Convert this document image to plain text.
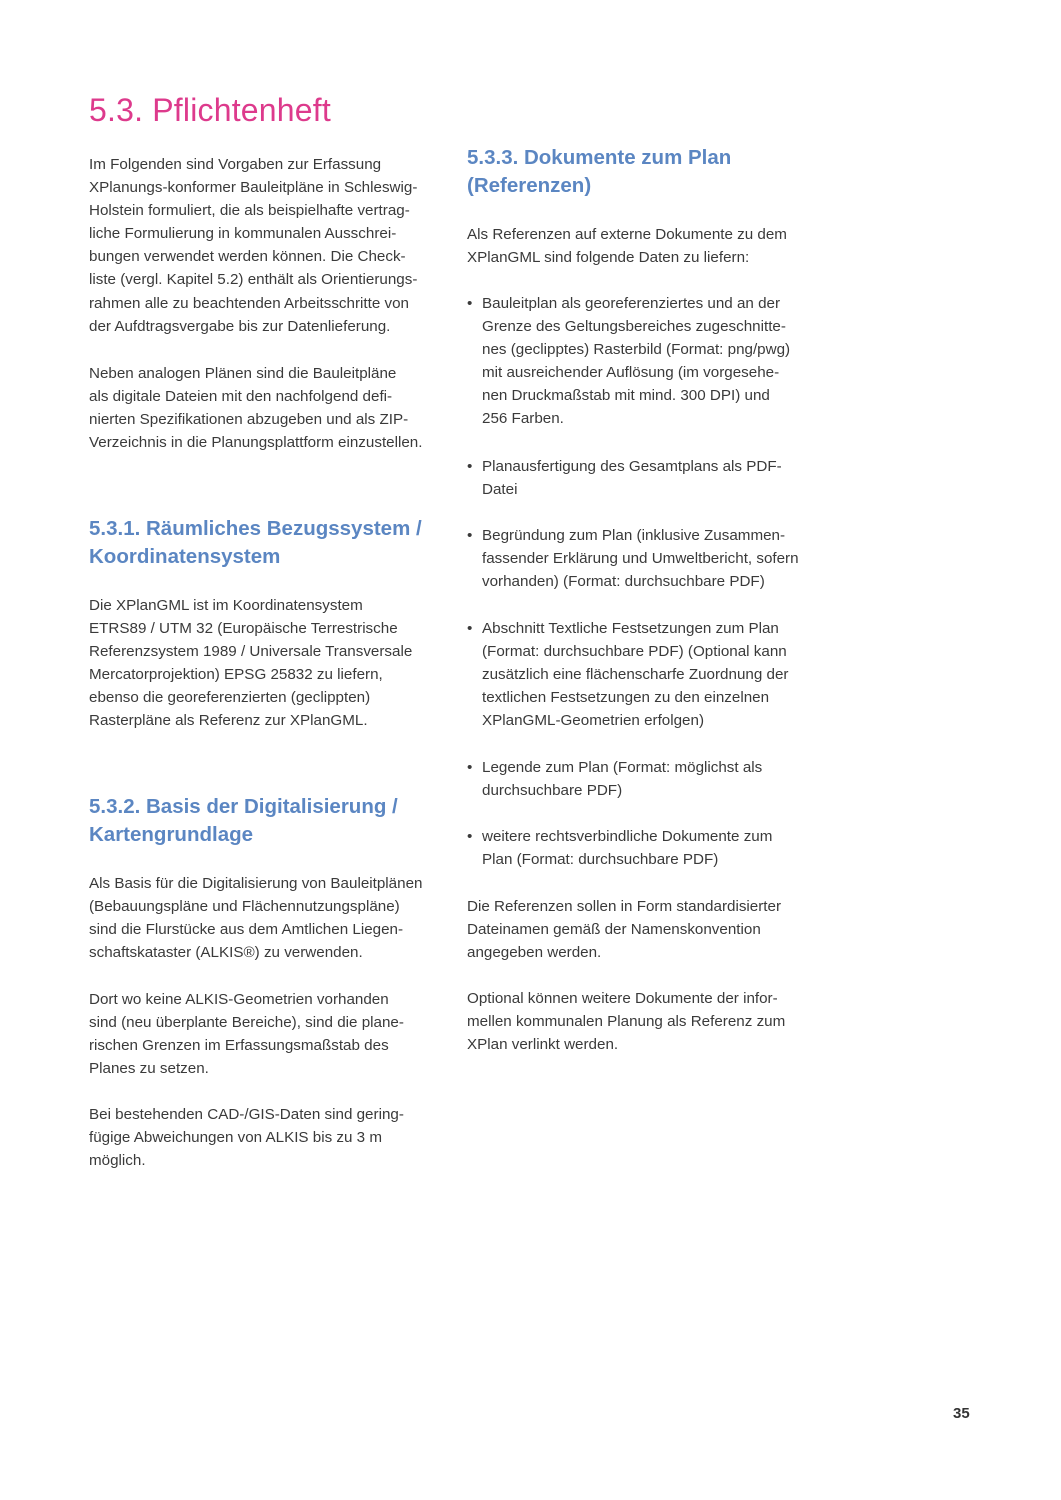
5.3. Pflichtenheft

Im Folgenden sind Vorgaben zur Erfassung
XPlanungs-konformer Bauleitpläne in Schleswig-
Holstein formuliert, die als beispielhafte vertrag-
liche Formulierung in kommunalen Ausschrei-
bungen verwendet werden können. Die Check-
liste (vergl. Kapitel 5.2) enthält als Orientierungs-
rahmen alle zu beachtenden Arbeitsschritte von
der Aufdtragsvergabe bis zur Datenlieferung.

Neben analogen Plänen sind die Bauleitpläne
als digitale Dateien mit den nachfolgend defi-
nierten Spezifikationen abzugeben und als ZIP-
Verzeichnis in die Planungsplattform einzustellen.

5.3.1. Räumliches Bezugssystem /
Koordinatensystem

Die XPlanGML ist im Koordinatensystem
ETRS89 / UTM 32 (Europäische Terrestrische
Referenzsystem 1989 / Universale Transversale
Mercatorprojektion) EPSG 25832 zu liefern,
ebenso die georeferenzierten (geclippten)
Rasterpläne als Referenz zur XPlanGML.

5.3.2. Basis der Digitalisierung /
Kartengrundlage

Als Basis für die Digitalisierung von Bauleitplänen
(Bebauungspläne und Flächennutzungspläne)
sind die Flurstücke aus dem Amtlichen Liegen-
schaftskataster (ALKIS®) zu verwenden.

Dort wo keine ALKIS-Geometrien vorhanden
sind (neu überplante Bereiche), sind die plane-
rischen Grenzen im Erfassungsmaßstab des
Planes zu setzen.

Bei bestehenden CAD-/GIS-Daten sind gering-
fügige Abweichungen von ALKIS bis zu 3 m
möglich.

5.3.3. Dokumente zum Plan
(Referenzen)

Als Referenzen auf externe Dokumente zu dem
XPlanGML sind folgende Daten zu liefern:

• Bauleitplan als georeferenziertes und an der
Grenze des Geltungsbereiches zugeschnitte-
nes (geclipptes) Rasterbild (Format: png/pwg)
mit ausreichender Auflösung (im vorgesehe-
nen Druckmaßstab mit mind. 300 DPI) und
256 Farben.
• Planausfertigung des Gesamtplans als PDF-
Datei
• Begründung zum Plan (inklusive Zusammen-
fassender Erklärung und Umweltbericht, sofern
vorhanden) (Format: durchsuchbare PDF)
• Abschnitt Textliche Festsetzungen zum Plan
(Format: durchsuchbare PDF) (Optional kann
zusätzlich eine flächenscharfe Zuordnung der
textlichen Festsetzungen zu den einzelnen
XPlanGML-Geometrien erfolgen)
• Legende zum Plan (Format: möglichst als
durchsuchbare PDF)
• weitere rechtsverbindliche Dokumente zum
Plan (Format: durchsuchbare PDF)

Die Referenzen sollen in Form standardisierter
Dateinamen gemäß der Namenskonvention
angegeben werden.

Optional können weitere Dokumente der infor-
mellen kommunalen Planung als Referenz zum
XPlan verlinkt werden.

35
